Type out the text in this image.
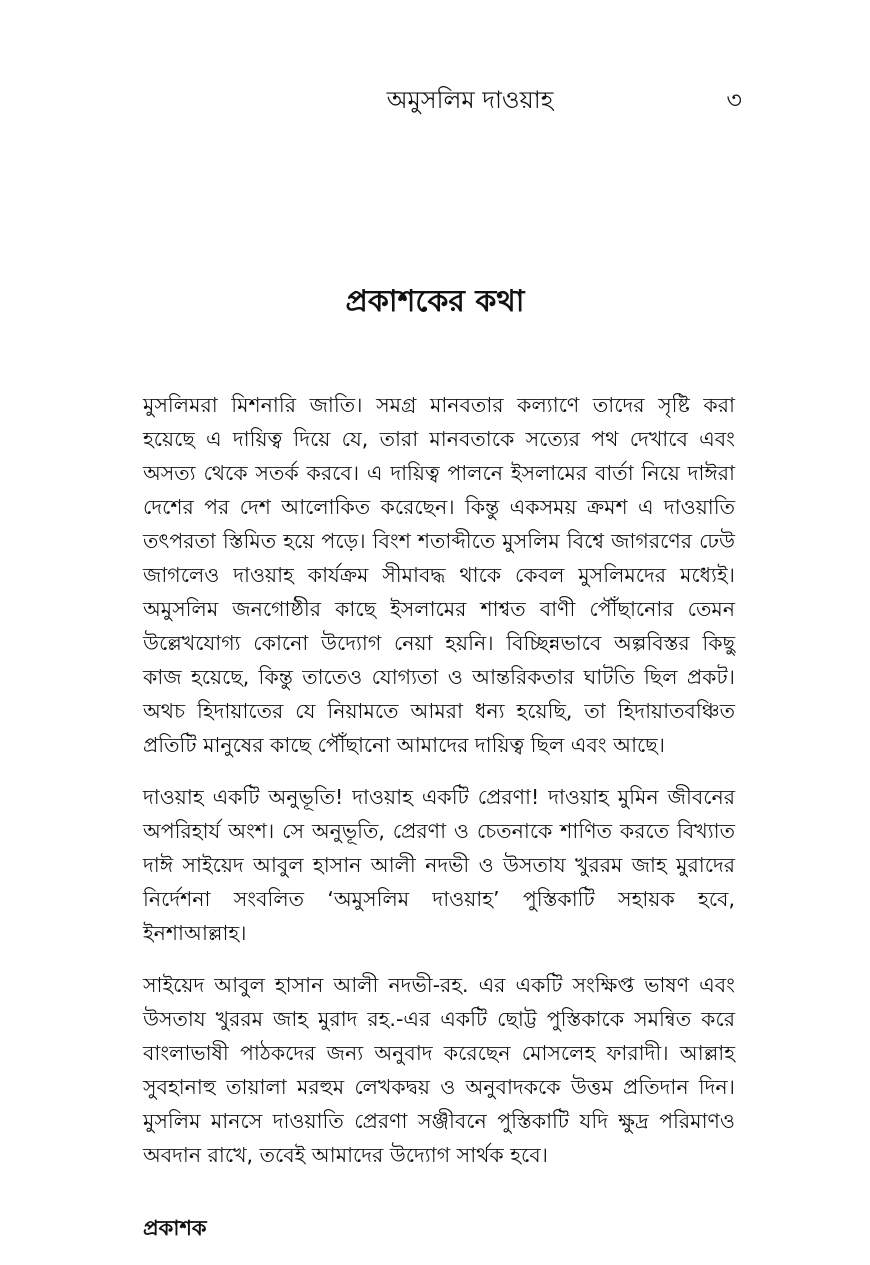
অমুসলিম দাওয়াহ	৩
প্রকাশকের কথা

মুসলিমরা মিশনারি জাতি। সমগ্র মানবতার কল্যাণে তাদের সৃষ্টি করা হয়েছে এ দায়িত্ব দিয়ে যে, তারা মানবতাকে সত্যের পথ দেখাবে এবং অসত্য থেকে সতর্ক করবে। এ দায়িত্ব পালনে ইসলামের বার্তা নিয়ে দাঈরা দেশের পর দেশ আলোকিত করেছেন। কিন্তু একসময় ক্রমশ এ দাওয়াতি তৎপরতা স্তিমিত হয়ে পড়ে। বিংশ শতাব্দীতে মুসলিম বিশ্বে জাগরণের ঢেউ জাগলেও দাওয়াহ কার্যক্রম সীমাবদ্ধ থাকে কেবল মুসলিমদের মধ্যেই। অমুসলিম জনগোষ্ঠীর কাছে ইসলামের শাশ্বত বাণী পৌঁছানোর তেমন উল্লেখযোগ্য কোনো উদ্যোগ নেয়া হয়নি। বিচ্ছিন্নভাবে অল্পবিস্তর কিছু কাজ হয়েছে, কিন্তু তাতেও যোগ্যতা ও আন্তরিকতার ঘাটতি ছিল প্রকট। অথচ হিদায়াতের যে নিয়ামতে আমরা ধন্য হয়েছি, তা হিদায়াতবঞ্চিত প্রতিটি মানুষের কাছে পৌঁছানো আমাদের দায়িত্ব ছিল এবং আছে।

দাওয়াহ একটি অনুভূতি! দাওয়াহ একটি প্রেরণা! দাওয়াহ মুমিন জীবনের অপরিহার্য অংশ। সে অনুভূতি, প্রেরণা ও চেতনাকে শাণিত করতে বিখ্যাত দাঈ সাইয়েদ আবুল হাসান আলী নদভী ও উসতায খুররম জাহ মুরাদের নির্দেশনা সংবলিত ‘অমুসলিম দাওয়াহ’ পুস্তিকাটি সহায়ক হবে, ইনশাআল্লাহ।

সাইয়েদ আবুল হাসান আলী নদভী-রহ. এর একটি সংক্ষিপ্ত ভাষণ এবং উসতায খুররম জাহ মুরাদ রহ.-এর একটি ছোট্ট পুস্তিকাকে সমন্বিত করে বাংলাভাষী পাঠকদের জন্য অনুবাদ করেছেন মোসলেহ ফারাদী। আল্লাহ সুবহানাহু তায়ালা মরহুম লেখকদ্বয় ও অনুবাদককে উত্তম প্রতিদান দিন। মুসলিম মানসে দাওয়াতি প্রেরণা সঞ্জীবনে পুস্তিকাটি যদি ক্ষুদ্র পরিমাণও অবদান রাখে, তবেই আমাদের উদ্যোগ সার্থক হবে।

প্রকাশক
